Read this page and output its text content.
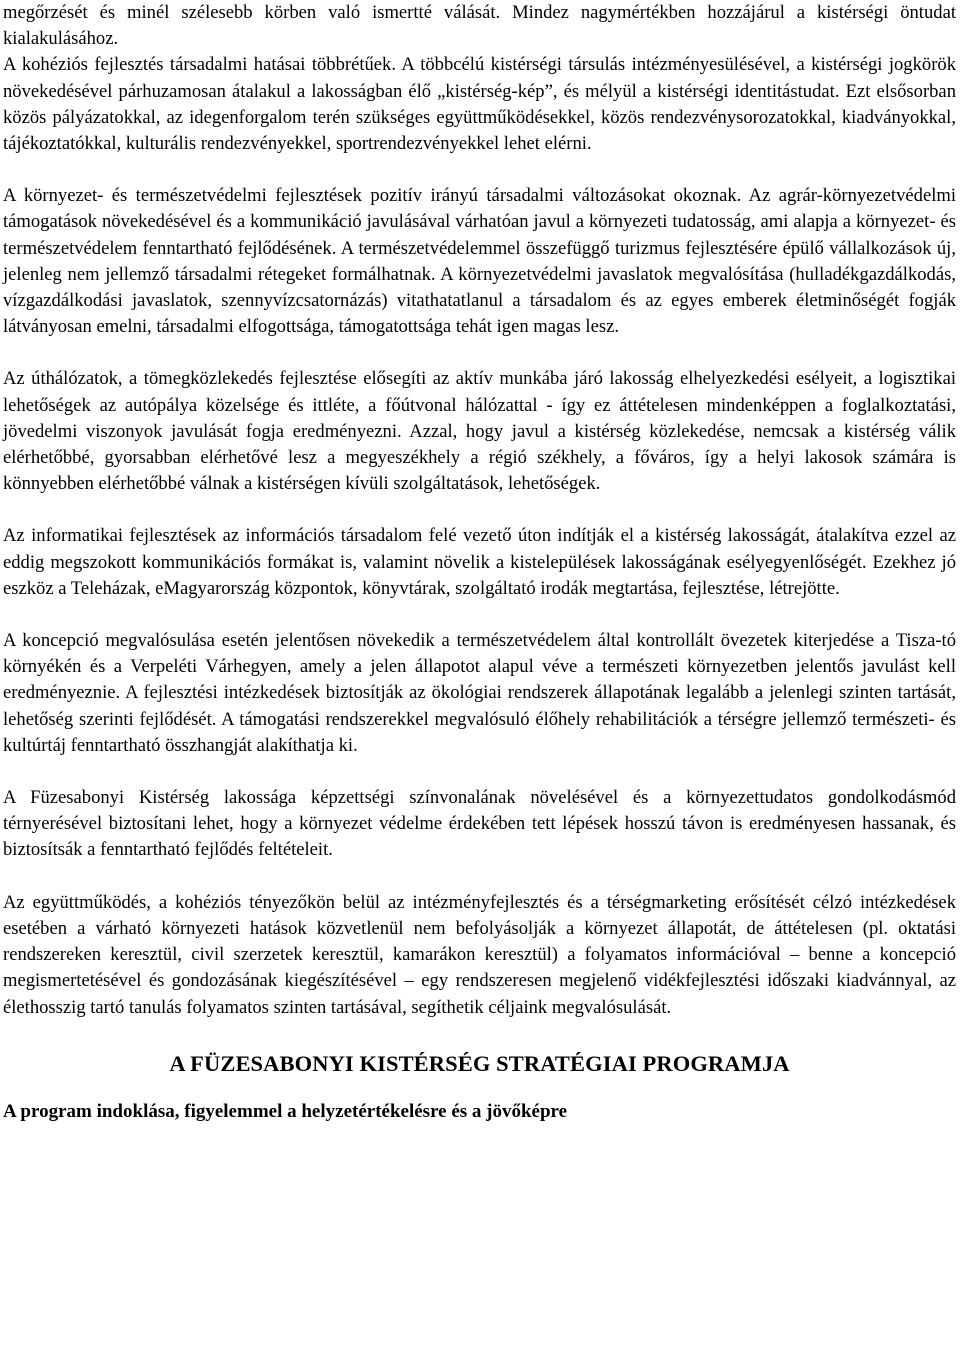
megőrzését és minél szélesebb körben való ismertté válását. Mindez nagymértékben hozzájárul a kistérségi öntudat kialakulásához.

A kohéziós fejlesztés társadalmi hatásai többrétűek. A többcélú kistérségi társulás intézményesülésével, a kistérségi jogkörök növekedésével párhuzamosan átalakul a lakosságban élő „kistérség-kép”, és mélyül a kistérségi identitástudat. Ezt elsősorban közös pályázatokkal, az idegenforgalom terén szükséges együttműködésekkel, közös rendezvénysorozatokkal, kiadványokkal, tájékoztatókkal, kulturális rendezvényekkel, sportrendezvényekkel lehet elérni.

A környezet- és természetvédelmi fejlesztések pozitív irányú társadalmi változásokat okoznak. Az agrár-környezetvédelmi támogatások növekedésével és a kommunikáció javulásával várhatóan javul a környezeti tudatosság, ami alapja a környezet- és természetvédelem fenntartható fejlődésének. A természetvédelemmel összefüggő turizmus fejlesztésére épülő vállalkozások új, jelenleg nem jellemző társadalmi rétegeket formálhatnak. A környezetvédelmi javaslatok megvalósítása (hulladékgazdálkodás, vízgazdálkodási javaslatok, szennyvízcsatornázás) vitathatatlanul a társadalom és az egyes emberek életminőségét fogják látványosan emelni, társadalmi elfogottsága, támogatottsága tehát igen magas lesz.

Az úthálózatok, a tömegközlekedés fejlesztése elősegíti az aktív munkába járó lakosság elhelyezkedési esélyeit, a logisztikai lehetőségek az autópálya közelsége és ittléte, a főútvonal hálózattal - így ez áttételesen mindenképpen a foglalkoztatási, jövedelmi viszonyok javulását fogja eredményezni. Azzal, hogy javul a kistérség közlekedése, nemcsak a kistérség válik elérhetőbbé, gyorsabban elérhetővé lesz a megyeszékhely a régió székhely, a főváros, így a helyi lakosok számára is könnyebben elérhetőbbé válnak a kistérségen kívüli szolgáltatások, lehetőségek.

Az informatikai fejlesztések az információs társadalom felé vezető úton indítják el a kistérség lakosságát, átalakítva ezzel az eddig megszokott kommunikációs formákat is, valamint növelik a kistelepülések lakosságának esélyegyenlőségét. Ezekhez jó eszköz a Teleházak, eMagyarország központok, könyvtárak, szolgáltató irodák megtartása, fejlesztése, létrejötte.

A koncepció megvalósulása esetén jelentősen növekedik a természetvédelem által kontrollált övezetek kiterjedése a Tisza-tó környékén és a Verpeléti Várhegyen, amely a jelen állapotot alapul véve a természeti környezetben jelentős javulást kell eredményeznie. A fejlesztési intézkedések biztosítják az ökológiai rendszerek állapotának legalább a jelenlegi szinten tartását, lehetőség szerinti fejlődését. A támogatási rendszerekkel megvalósuló élőhely rehabilitációk a térségre jellemző természeti- és kultúrtáj fenntartható összhangját alakíthatja ki.

A Füzesabonyi Kistérség lakossága képzettségi színvonalának növelésével és a környezettudatos gondolkodásmód térnyerésével biztosítani lehet, hogy a környezet védelme érdekében tett lépések hosszú távon is eredményesen hassanak, és biztosítsák a fenntartható fejlődés feltételeit.

Az együttműködés, a kohéziós tényezőkön belül az intézményfejlesztés és a térségmarketing erősítését célzó intézkedések esetében a várható környezeti hatások közvetlenül nem befolyásolják a környezet állapotát, de áttételesen (pl. oktatási rendszereken keresztül, civil szerzetek keresztül, kamarákon keresztül) a folyamatos információval – benne a koncepció megismertetésével és gondozásának kiegészítésével – egy rendszeresen megjelenő vidékfejlesztési időszaki kiadvánnyal, az élethosszig tartó tanulás folyamatos szinten tartásával, segíthetik céljaink megvalósulását.

A FÜZESABONYI KISTÉRSÉG STRATÉGIAI PROGRAMJA
A program indoklása, figyelemmel a helyzetértékelésre és a jövőképre
